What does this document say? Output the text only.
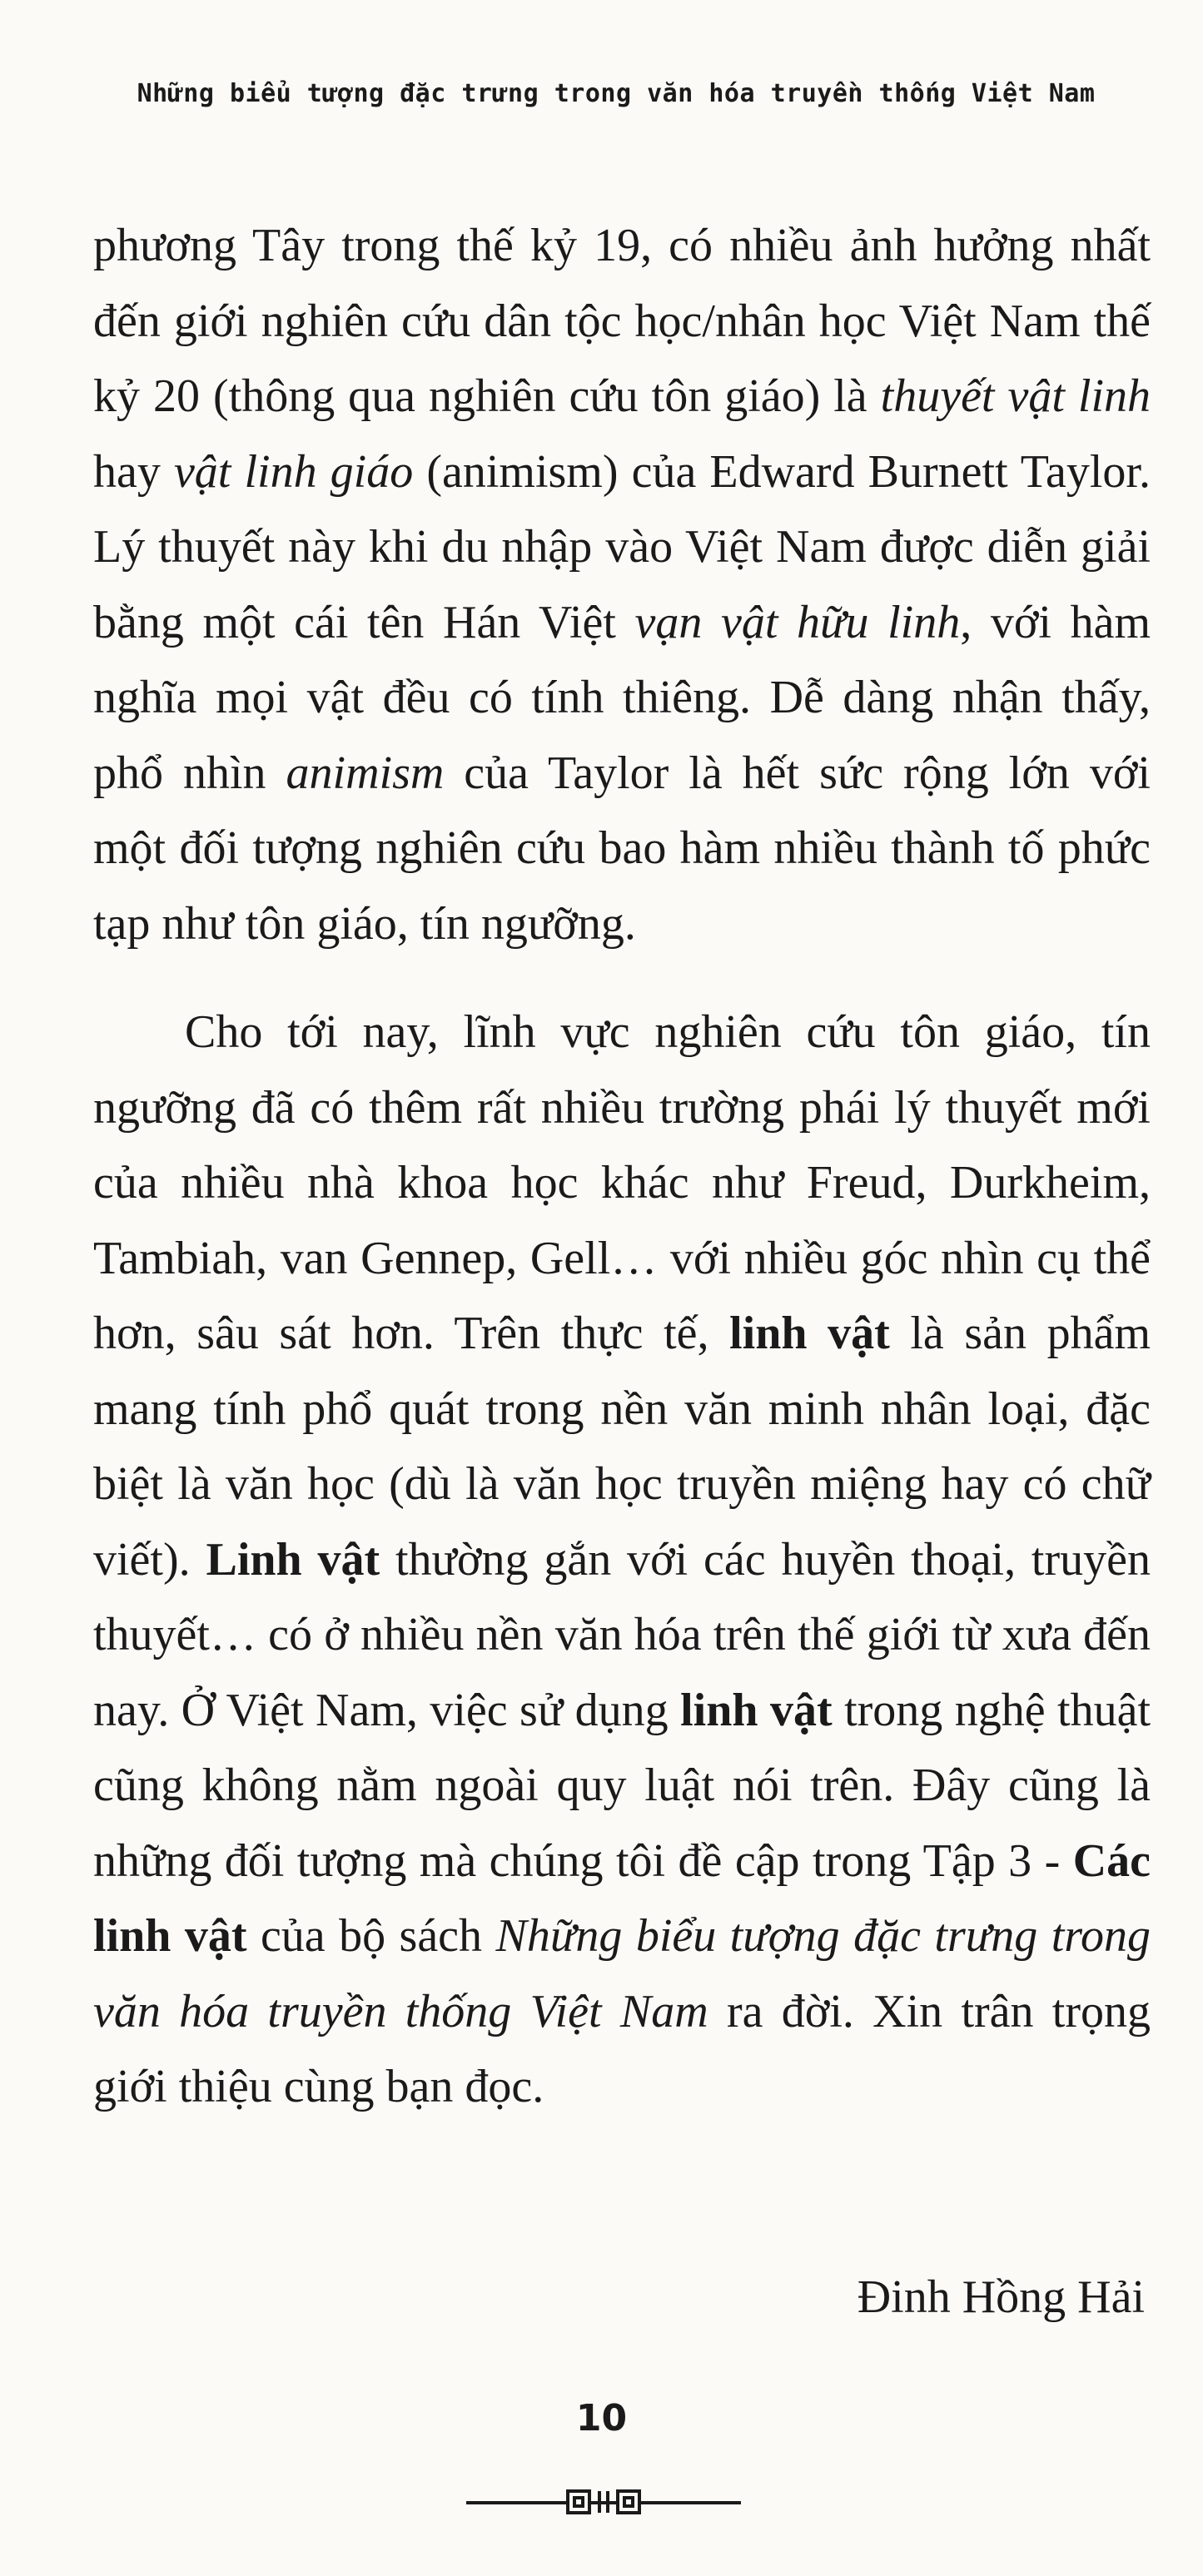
Những biểu tượng đặc trưng trong văn hóa truyền thống Việt Nam

phương Tây trong thế kỷ 19, có nhiều ảnh hưởng nhất đến giới nghiên cứu dân tộc học/nhân học Việt Nam thế kỷ 20 (thông qua nghiên cứu tôn giáo) là thuyết vật linh hay vật linh giáo (animism) của Edward Burnett Taylor. Lý thuyết này khi du nhập vào Việt Nam được diễn giải bằng một cái tên Hán Việt vạn vật hữu linh, với hàm nghĩa mọi vật đều có tính thiêng. Dễ dàng nhận thấy, phổ nhìn animism của Taylor là hết sức rộng lớn với một đối tượng nghiên cứu bao hàm nhiều thành tố phức tạp như tôn giáo, tín ngưỡng.

Cho tới nay, lĩnh vực nghiên cứu tôn giáo, tín ngưỡng đã có thêm rất nhiều trường phái lý thuyết mới của nhiều nhà khoa học khác như Freud, Durkheim, Tambiah, van Gennep, Gell… với nhiều góc nhìn cụ thể hơn, sâu sát hơn. Trên thực tế, linh vật là sản phẩm mang tính phổ quát trong nền văn minh nhân loại, đặc biệt là văn học (dù là văn học truyền miệng hay có chữ viết). Linh vật thường gắn với các huyền thoại, truyền thuyết… có ở nhiều nền văn hóa trên thế giới từ xưa đến nay. Ở Việt Nam, việc sử dụng linh vật trong nghệ thuật cũng không nằm ngoài quy luật nói trên. Đây cũng là những đối tượng mà chúng tôi đề cập trong Tập 3 - Các linh vật của bộ sách Những biểu tượng đặc trưng trong văn hóa truyền thống Việt Nam ra đời. Xin trân trọng giới thiệu cùng bạn đọc.

Đinh Hồng Hải
10
